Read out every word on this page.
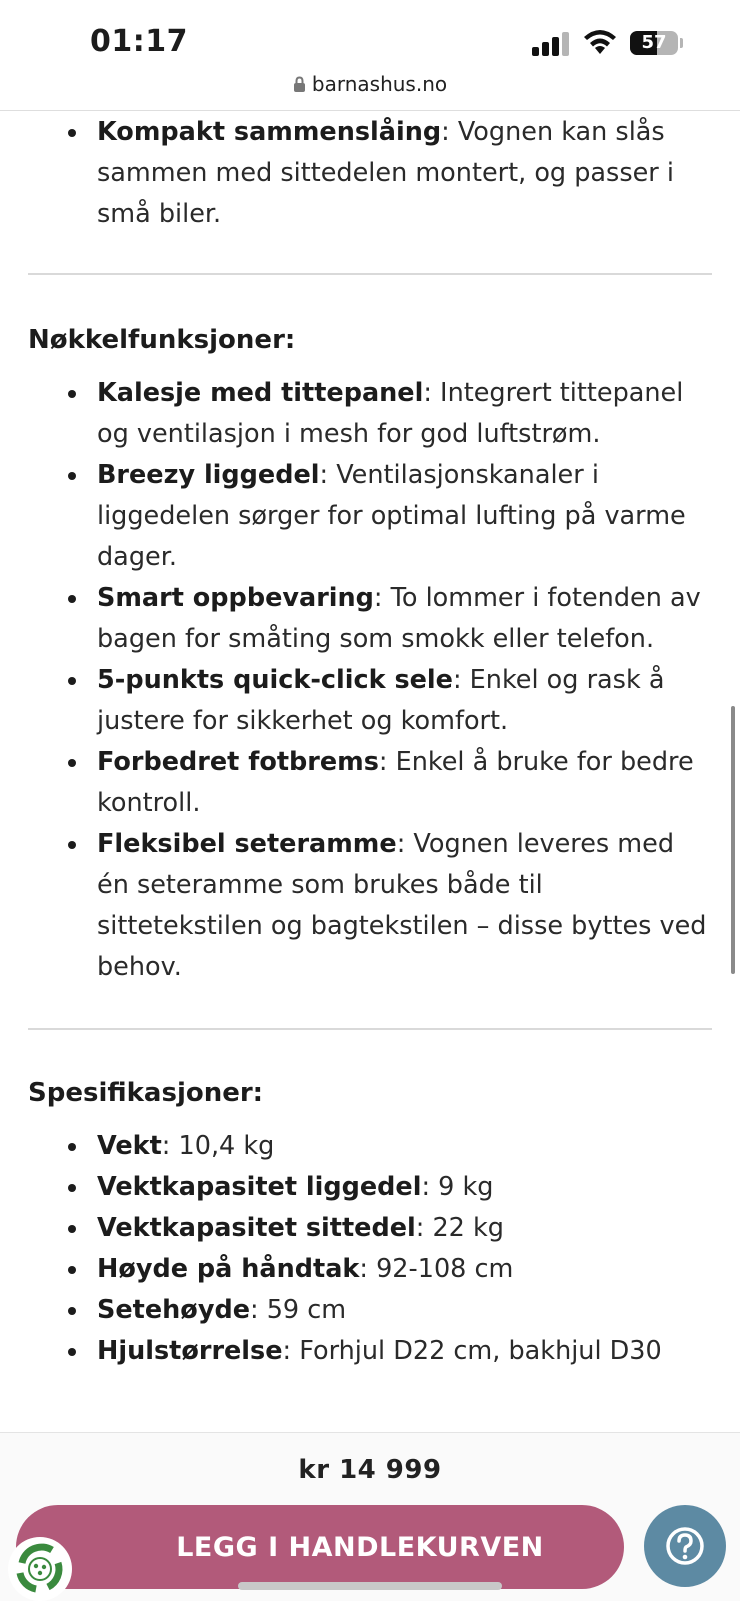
01:17	57
barnashus.no
Kompakt sammenslåing: Vognen kan slås sammen med sittedelen montert, og passer i små biler.
Nøkkelfunksjoner:
Kalesje med tittepanel: Integrert tittepanel og ventilasjon i mesh for god luftstrøm.
Breezy liggedel: Ventilasjonskanaler i liggedelen sørger for optimal lufting på varme dager.
Smart oppbevaring: To lommer i fotenden av bagen for småting som smokk eller telefon.
5-punkts quick-click sele: Enkel og rask å justere for sikkerhet og komfort.
Forbedret fotbrems: Enkel å bruke for bedre kontroll.
Fleksibel seteramme: Vognen leveres med én seteramme som brukes både til sittetekstilen og bagtekstilen – disse byttes ved behov.
Spesifikasjoner:
Vekt: 10,4 kg
Vektkapasitet liggedel: 9 kg
Vektkapasitet sittedel: 22 kg
Høyde på håndtak: 92-108 cm
Setehøyde: 59 cm
Hjulstørrelse: Forhjul D22 cm, bakhjul D30
kr 14 999
LEGG I HANDLEKURVEN
